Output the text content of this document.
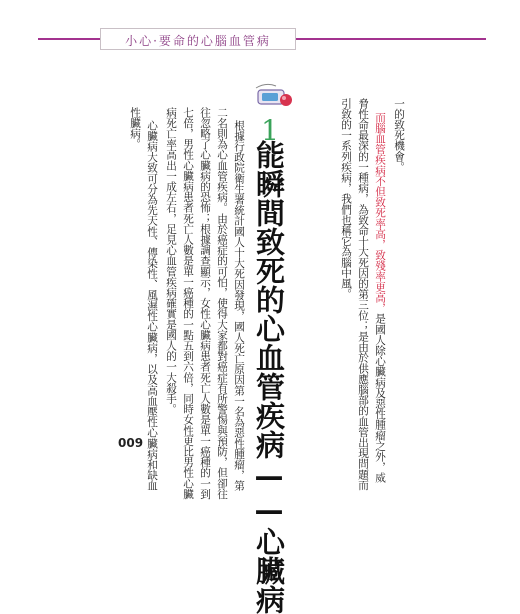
小心·要命的心腦血管病
一的致死機會。
而腦血管疾病不但致死率高，致殘率更高，是國人除心臟病及惡性腫瘤之外，威
脅性命最深的一種病，為致命十大死因的第三位；是由於供應腦部的血管出現問題而
引致的一系列疾病，我們也稱它為腦中風。
1
能瞬間致死的心血管疾病——心臟病
根據行政院衛生署統計國人十大死因發現，國人死亡原因第一名為惡性腫瘤，第
二名則為心血管疾病。由於癌症的可怕，使得大家都對癌症有所警惕與預防，但卻往
往忽略了心臟病的恐怖；根據調查顯示，女性心臟病患者死亡人數是單一癌種的一到
七倍，男性心臟病患者死亡人數是單一癌種的一點五到六倍，同時女性更比男性心臟
病死亡率高出一成左右，足見心血管疾病確實是國人的一大殺手。
心臟病大致可分為先天性、傳染性、風濕性心臟病，以及高血壓性心臟病和缺血
性臟病。
009
